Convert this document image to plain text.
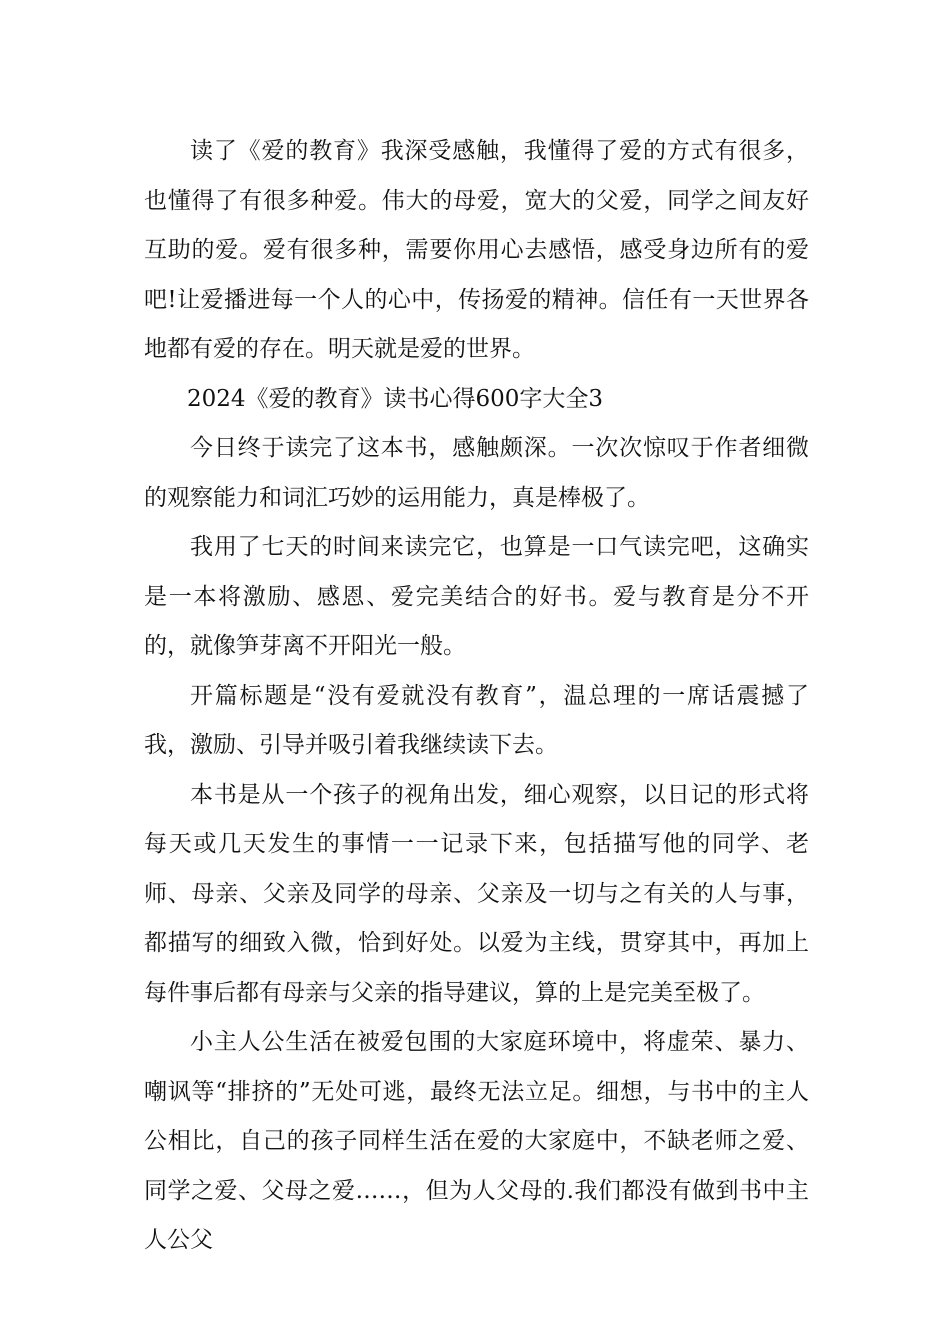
读了《爱的教育》我深受感触，我懂得了爱的方式有很多，也懂得了有很多种爱。伟大的母爱，宽大的父爱，同学之间友好互助的爱。爱有很多种，需要你用心去感悟，感受身边所有的爱吧!让爱播进每一个人的心中，传扬爱的精神。信任有一天世界各地都有爱的存在。明天就是爱的世界。

2024《爱的教育》读书心得600字大全3

今日终于读完了这本书，感触颇深。一次次惊叹于作者细微的观察能力和词汇巧妙的运用能力，真是棒极了。

我用了七天的时间来读完它，也算是一口气读完吧，这确实是一本将激励、感恩、爱完美结合的好书。爱与教育是分不开的，就像笋芽离不开阳光一般。

开篇标题是“没有爱就没有教育”，温总理的一席话震撼了我，激励、引导并吸引着我继续读下去。

本书是从一个孩子的视角出发，细心观察，以日记的形式将每天或几天发生的事情一一记录下来，包括描写他的同学、老师、母亲、父亲及同学的母亲、父亲及一切与之有关的人与事，都描写的细致入微，恰到好处。以爱为主线，贯穿其中，再加上每件事后都有母亲与父亲的指导建议，算的上是完美至极了。

小主人公生活在被爱包围的大家庭环境中，将虚荣、暴力、嘲讽等“排挤的”无处可逃，最终无法立足。细想，与书中的主人公相比，自己的孩子同样生活在爱的大家庭中，不缺老师之爱、同学之爱、父母之爱……，但为人父母的.我们都没有做到书中主人公父
